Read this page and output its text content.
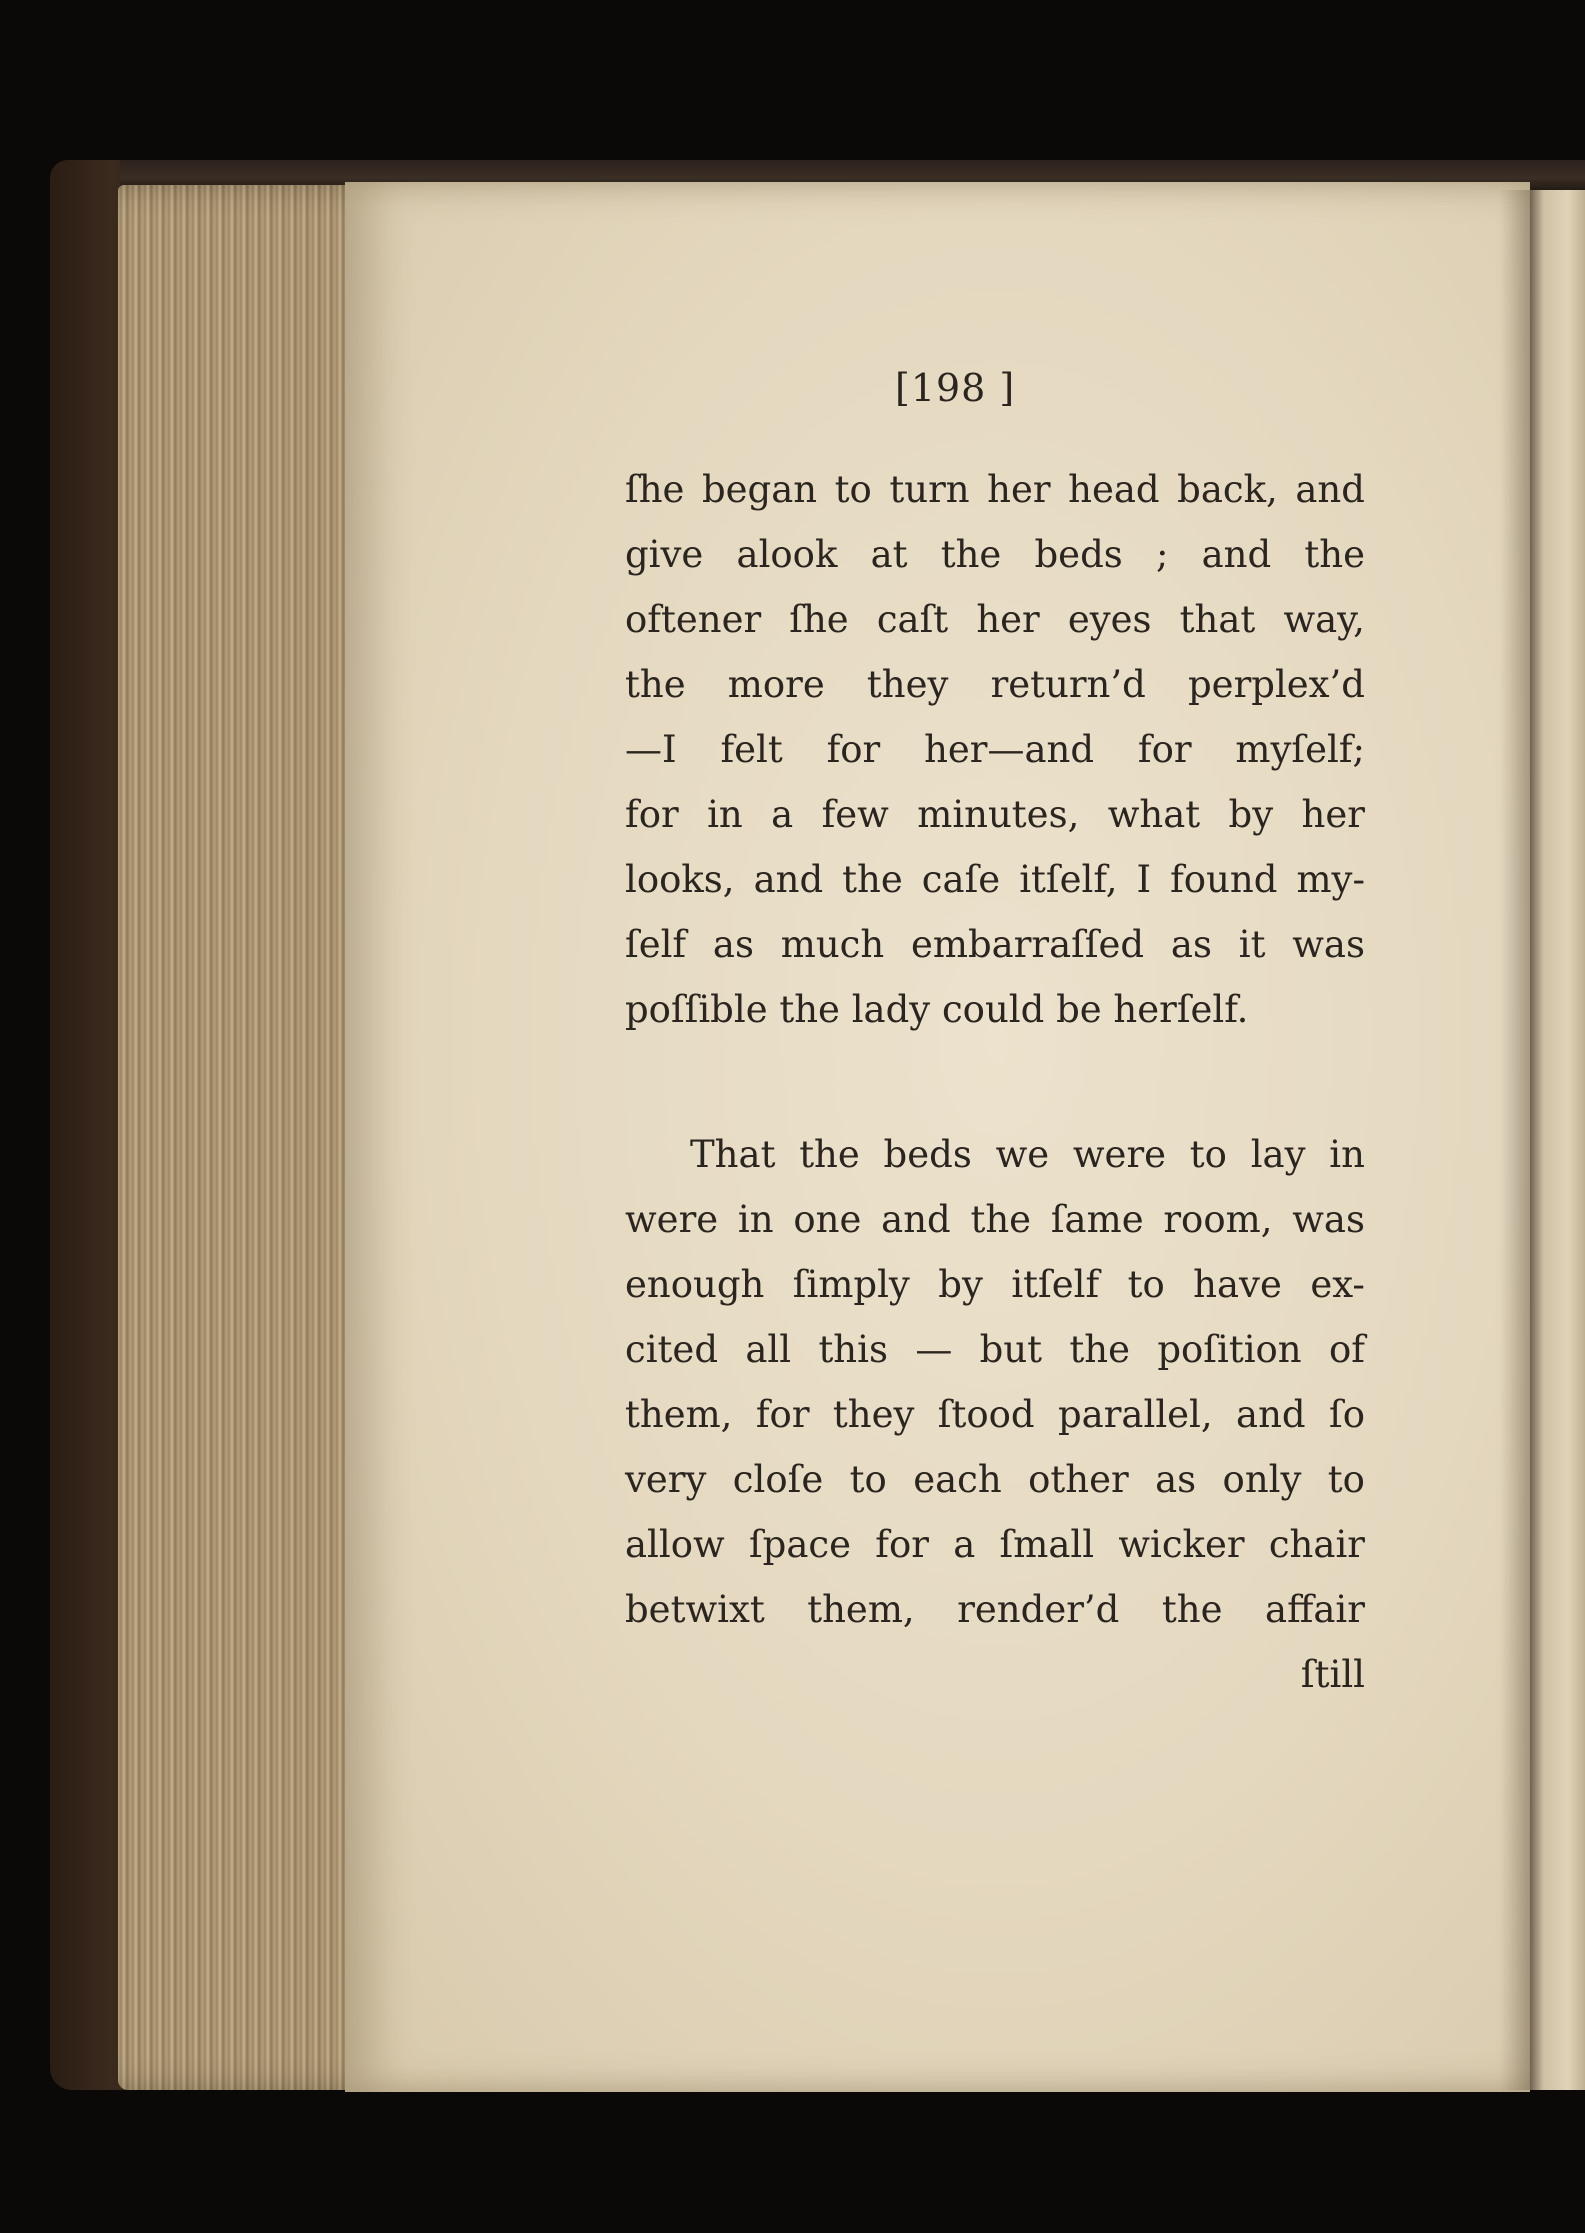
[198 ]
ſhe began to turn her head back, and
give alook at the beds ; and the
oftener ſhe caſt her eyes that way,
the more they return’d perplex’d
—I felt for her—and for myſelf;
for in a few minutes, what by her
looks, and the caſe itſelf, I found my-
ſelf as much embarraſſed as it was
poſſible the lady could be herſelf.
That the beds we were to lay in
were in one and the ſame room, was
enough ſimply by itſelf to have ex-
cited all this — but the poſition of
them, for they ſtood parallel, and ſo
very cloſe to each other as only to
allow ſpace for a ſmall wicker chair
betwixt them, render’d the affair
ſtill
